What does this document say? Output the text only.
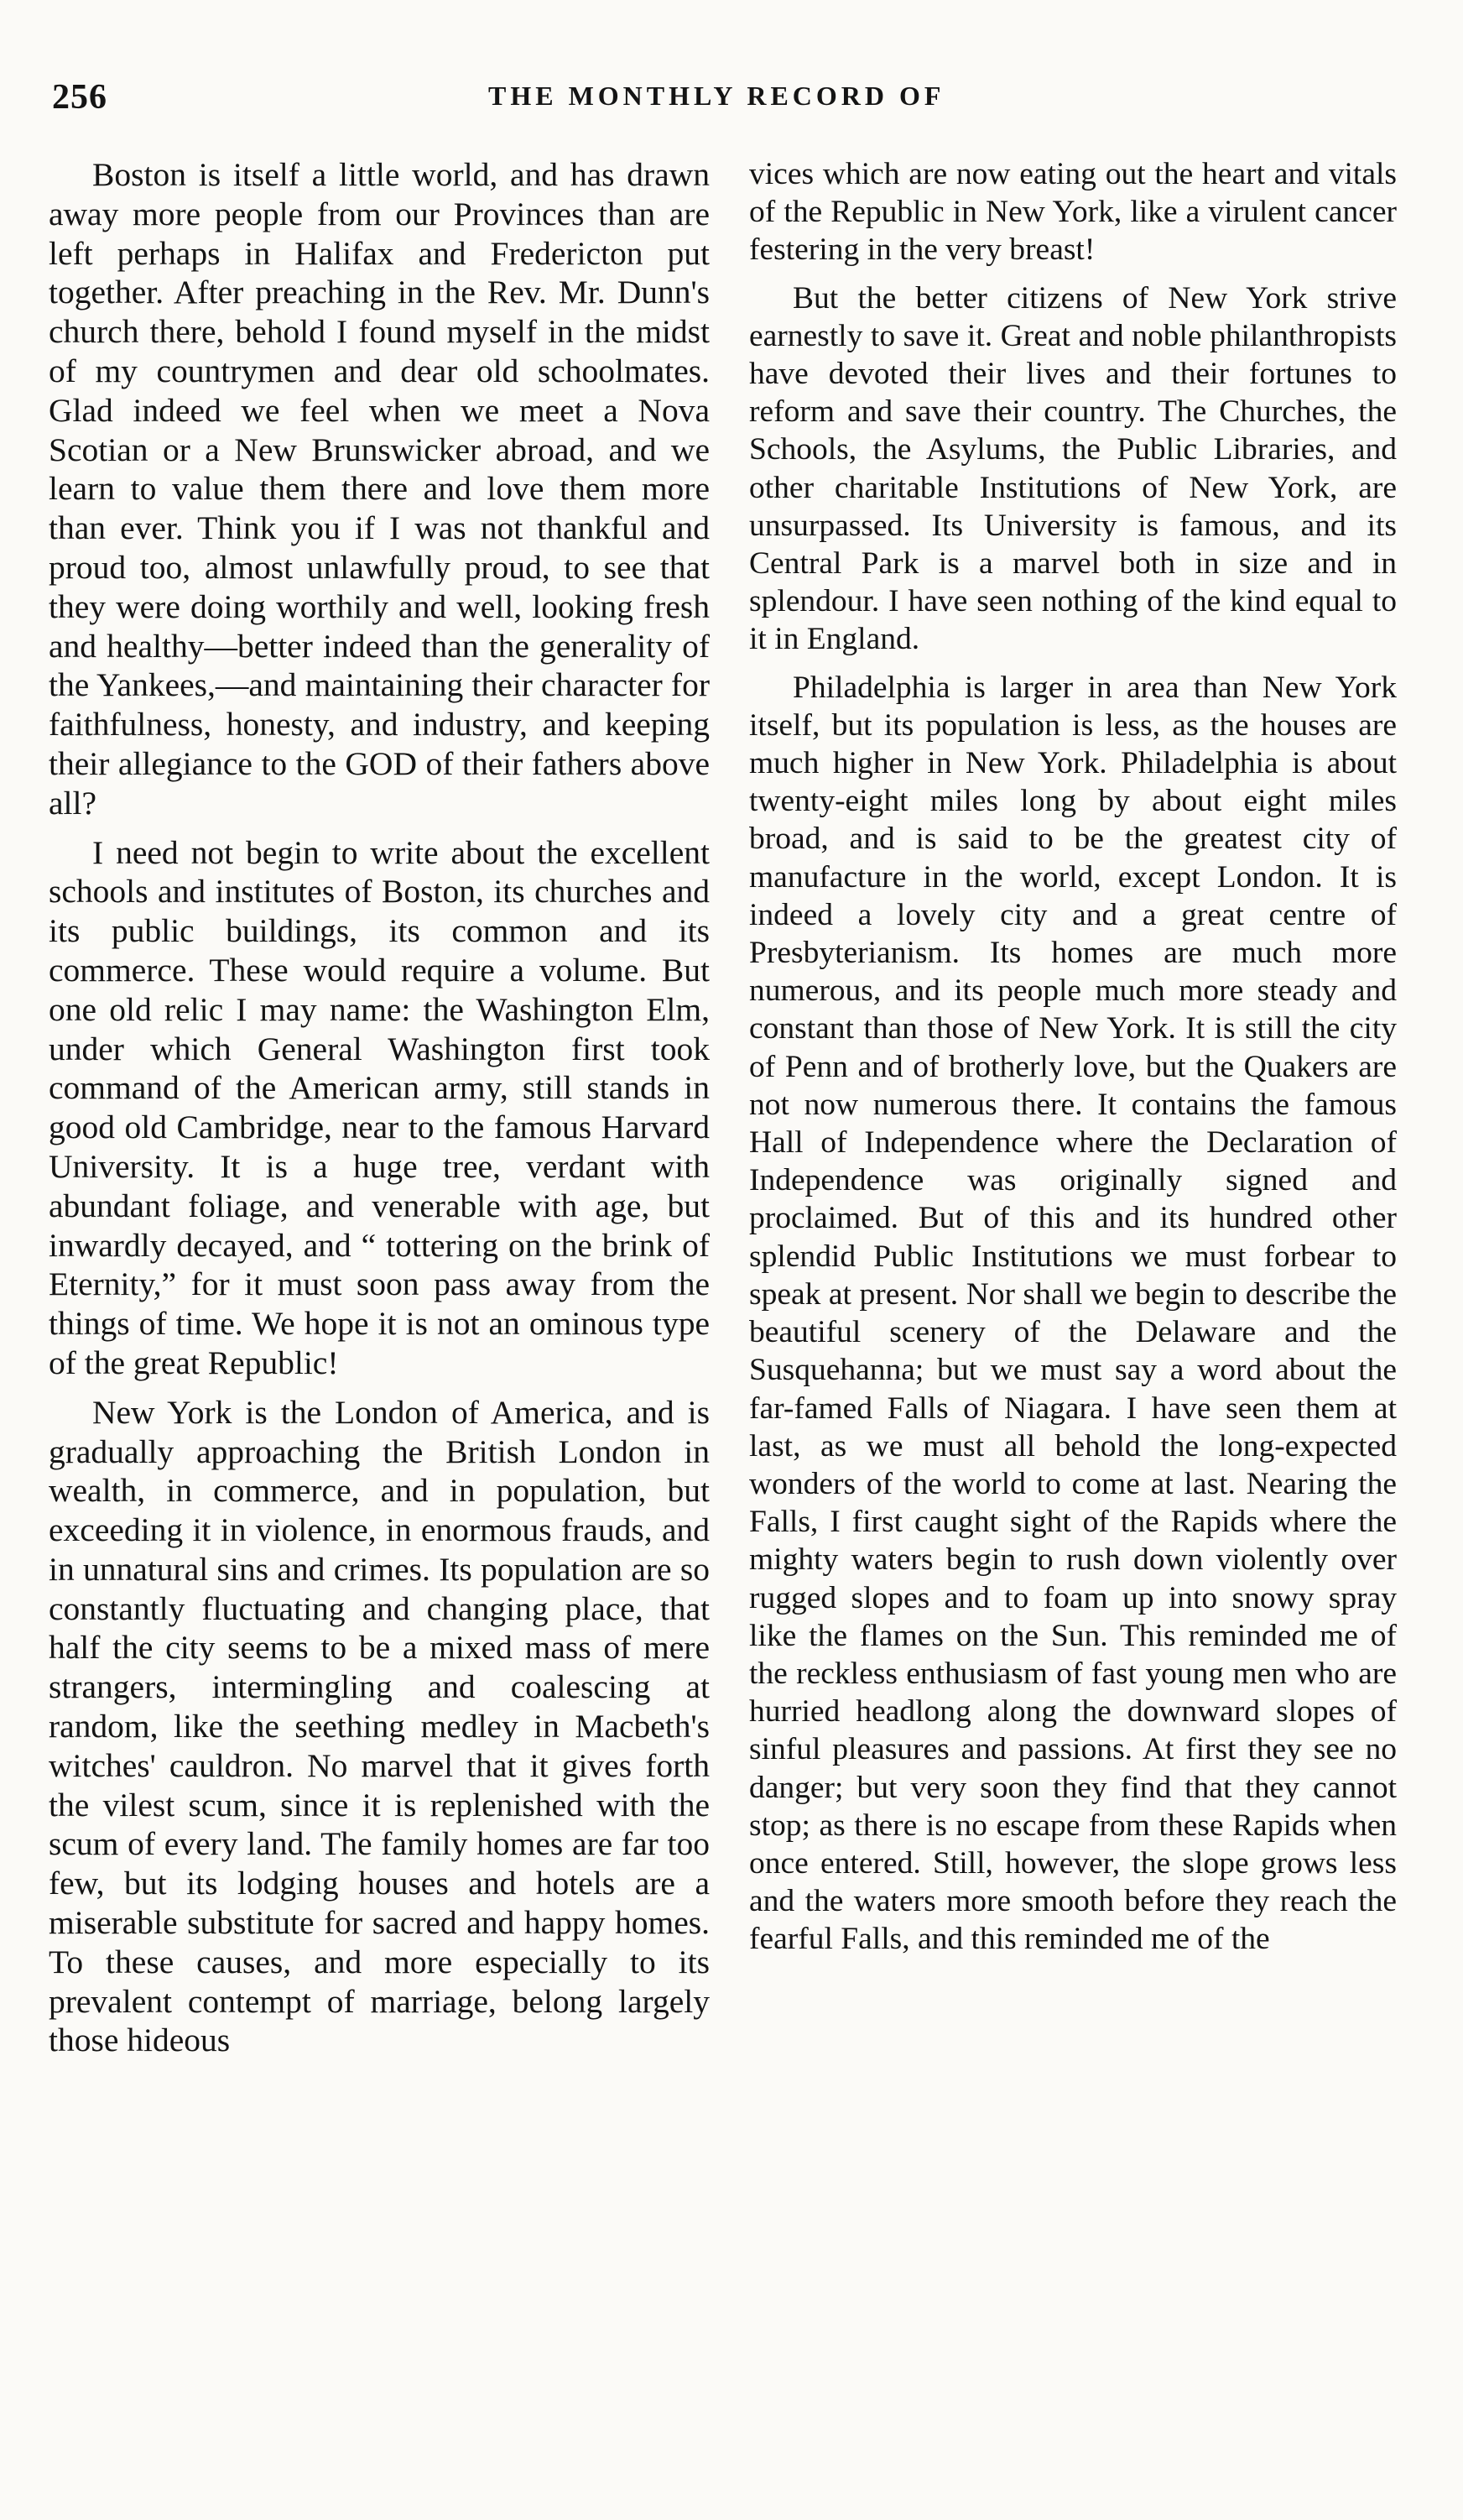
256	THE MONTHLY RECORD OF

Boston is itself a little world, and has drawn away more people from our Provinces than are left perhaps in Halifax and Fredericton put together. After preaching in the Rev. Mr. Dunn's church there, behold I found myself in the midst of my countrymen and dear old schoolmates. Glad indeed we feel when we meet a Nova Scotian or a New Brunswicker abroad, and we learn to value them there and love them more than ever. Think you if I was not thankful and proud too, almost unlawfully proud, to see that they were doing worthily and well, looking fresh and healthy—better indeed than the generality of the Yankees,—and maintaining their character for faithfulness, honesty, and industry, and keeping their allegiance to the GOD of their fathers above all?

I need not begin to write about the excellent schools and institutes of Boston, its churches and its public buildings, its common and its commerce. These would require a volume. But one old relic I may name: the Washington Elm, under which General Washington first took command of the American army, still stands in good old Cambridge, near to the famous Harvard University. It is a huge tree, verdant with abundant foliage, and venerable with age, but inwardly decayed, and “ tottering on the brink of Eternity,” for it must soon pass away from the things of time. We hope it is not an ominous type of the great Republic!

New York is the London of America, and is gradually approaching the British London in wealth, in commerce, and in population, but exceeding it in violence, in enormous frauds, and in unnatural sins and crimes. Its population are so constantly fluctuating and changing place, that half the city seems to be a mixed mass of mere strangers, intermingling and coalescing at random, like the seething medley in Macbeth's witches' cauldron. No marvel that it gives forth the vilest scum, since it is replenished with the scum of every land. The family homes are far too few, but its lodging houses and hotels are a miserable substitute for sacred and happy homes. To these causes, and more especially to its prevalent contempt of marriage, belong largely those hideous

vices which are now eating out the heart and vitals of the Republic in New York, like a virulent cancer festering in the very breast!

But the better citizens of New York strive earnestly to save it. Great and noble philanthropists have devoted their lives and their fortunes to reform and save their country. The Churches, the Schools, the Asylums, the Public Libraries, and other charitable Institutions of New York, are unsurpassed. Its University is famous, and its Central Park is a marvel both in size and in splendour. I have seen nothing of the kind equal to it in England.

Philadelphia is larger in area than New York itself, but its population is less, as the houses are much higher in New York. Philadelphia is about twenty-eight miles long by about eight miles broad, and is said to be the greatest city of manufacture in the world, except London. It is indeed a lovely city and a great centre of Presbyterianism. Its homes are much more numerous, and its people much more steady and constant than those of New York. It is still the city of Penn and of brotherly love, but the Quakers are not now numerous there. It contains the famous Hall of Independence where the Declaration of Independence was originally signed and proclaimed. But of this and its hundred other splendid Public Institutions we must forbear to speak at present. Nor shall we begin to describe the beautiful scenery of the Delaware and the Susquehanna; but we must say a word about the far-famed Falls of Niagara. I have seen them at last, as we must all behold the long-expected wonders of the world to come at last. Nearing the Falls, I first caught sight of the Rapids where the mighty waters begin to rush down violently over rugged slopes and to foam up into snowy spray like the flames on the Sun. This reminded me of the reckless enthusiasm of fast young men who are hurried headlong along the downward slopes of sinful pleasures and passions. At first they see no danger; but very soon they find that they cannot stop; as there is no escape from these Rapids when once entered. Still, however, the slope grows less and the waters more smooth before they reach the fearful Falls, and this reminded me of the
